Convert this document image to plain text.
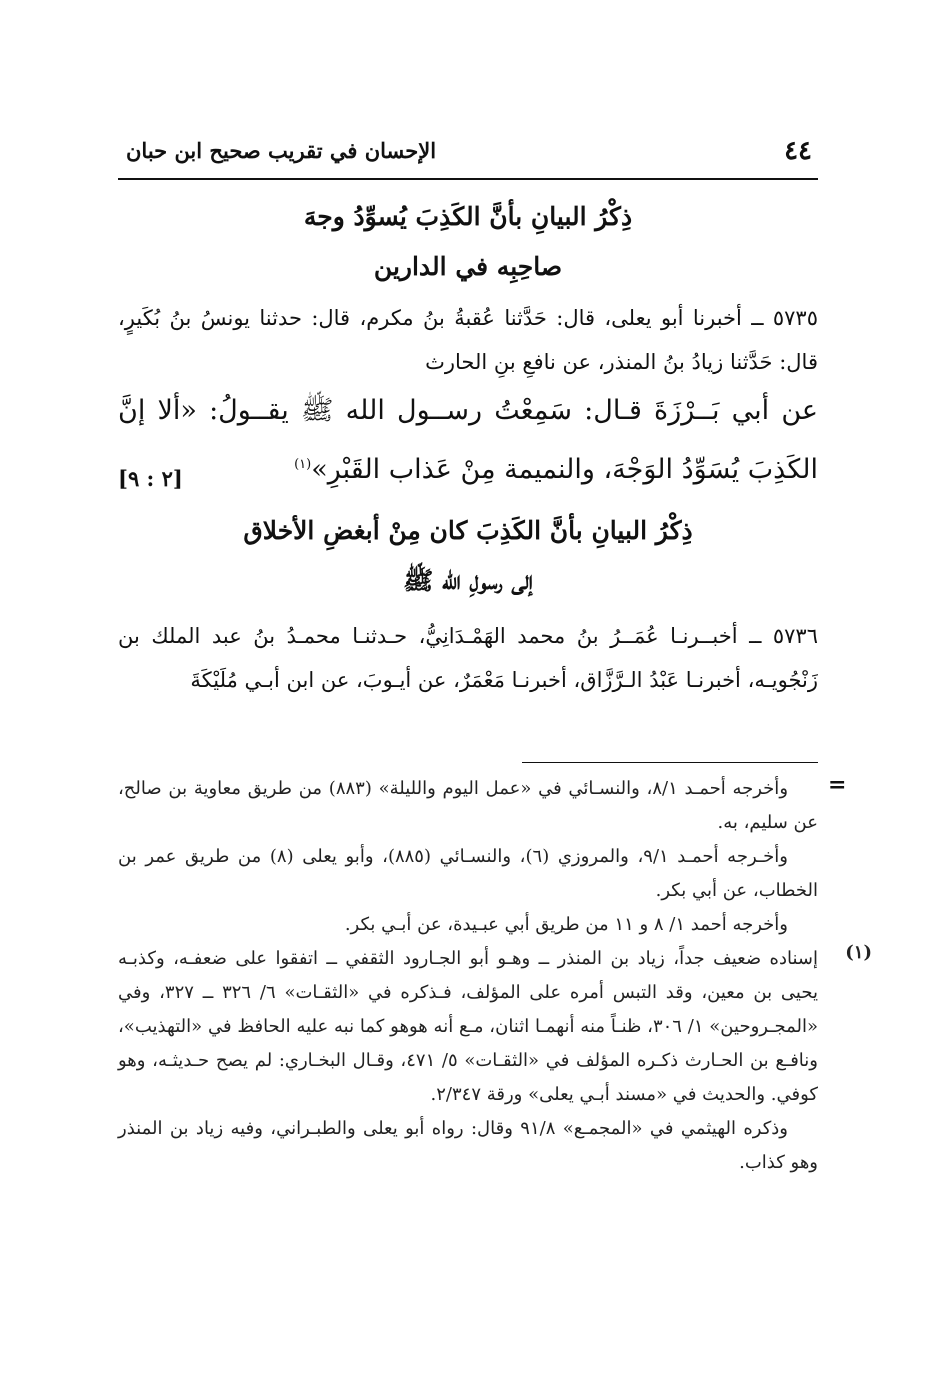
٤٤
الإحسان في تقريب صحيح ابن حبان
ذِكْرُ البيانِ بأنَّ الكَذِبَ يُسوِّدُ وجهَ
صاحِبِه في الدارين
٥٧٣٥ ــ أخبرنا أبو يعلى، قال: حَدَّثنا عُقبةُ بنُ مكرم، قال: حدثنا يونسُ بنُ بُكَيرٍ، قال: حَدَّثنا زيادُ بنُ المنذر، عن نافعِ بنِ الحارث
عن أبي بَــرْزَةَ قـال: سَمِعْتُ رســول الله ﷺ يقــولُ: «ألا إنَّ الكَذِبَ يُسَوِّدُ الوَجْهَ، والنميمة مِنْ عَذاب القَبْرِ»$^{(١)}$
[٢ : ٩]
ذِكْرُ البيانِ بأنَّ الكَذِبَ كان مِنْ أبغضِ الأخلاق
إلى رسولِ الله ﷺ
٥٧٣٦ ــ أخبــرنـا عُمَــرُ بنُ محمد الهَمْـدَانِيُّ، حـدثنـا محمـدُ بنُ عبد الملك بن زَنْجُويـه، أخبرنـا عَبْدُ الـرَّزَّاق، أخبرنـا مَعْمَرٌ، عن أيـوبَ، عن ابن أبـي مُلَيْكَةَ
=
وأخرجه أحمـد ٨/١، والنسـائي في «عمل اليوم والليلة» (٨٨٣) من طريق معاوية بن صالح، عن سليم، به.
وأخـرجه أحمـد ٩/١، والمروزي (٦)، والنسـائي (٨٨٥)، وأبو يعلى (٨) من طريق عمر بن الخطاب، عن أبي بكر.
وأخرجه أحمد ١/ ٨ و ١١ من طريق أبي عبـيدة، عن أبـي بكر.
(١)
إسناده ضعيف جداً، زياد بن المنذر ــ وهـو أبو الجـارود الثقفي ــ اتفقوا على ضعفـه، وكذبـه يحيى بن معين، وقد التبس أمره على المؤلف، فـذكره في «الثقـات» ٦/ ٣٢٦ ــ ٣٢٧، وفي «المجـروحين» ١/ ٣٠٦، ظنـاً منه أنهمـا اثنان، مـع أنه هوهو كما نبه عليه الحافظ في «التهذيب»، ونافـع بن الحـارث ذكـره المؤلف في «الثقـات» ٥/ ٤٧١، وقـال البخـاري: لم يصح حـديثـه، وهو كوفي. والحديث في «مسند أبـي يعلى» ورقة ٢/٣٤٧.
وذكره الهيثمي في «المجمـع» ٩١/٨ وقال: رواه أبو يعلى والطبـراني، وفيه زياد بن المنذر وهو كذاب.
